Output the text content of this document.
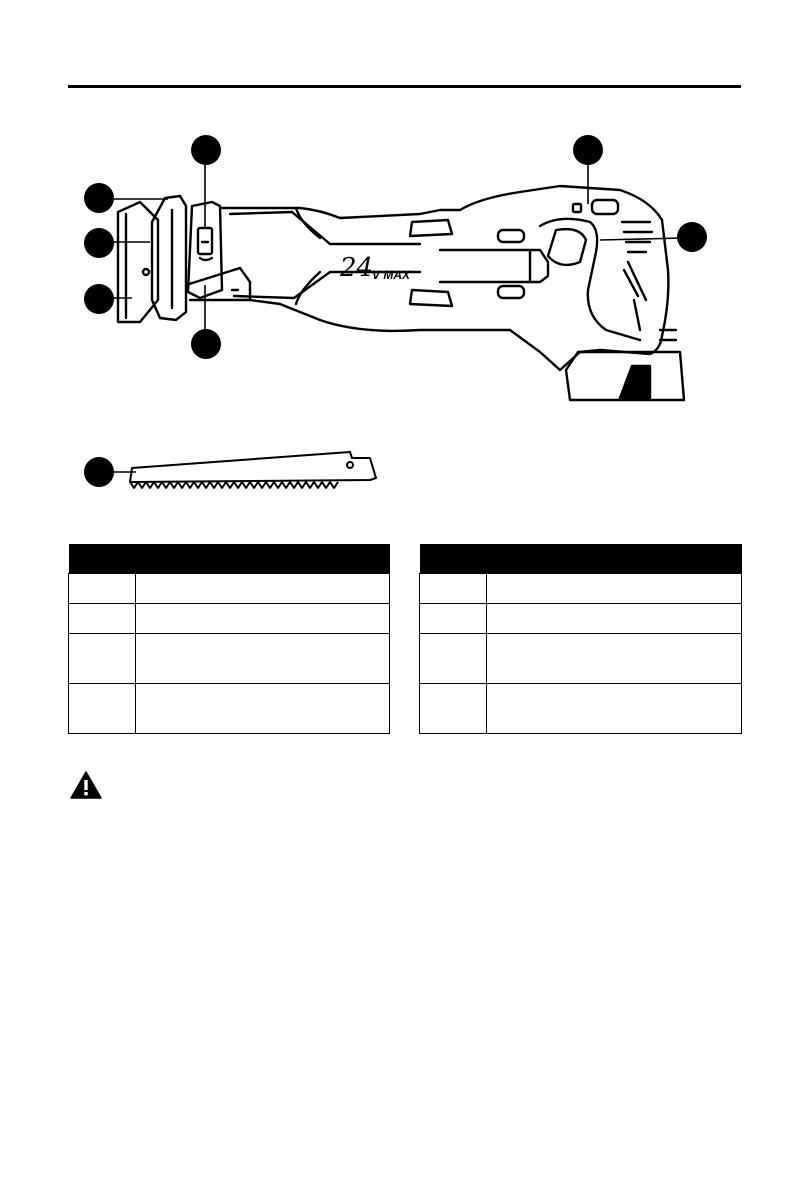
24
V MAX
